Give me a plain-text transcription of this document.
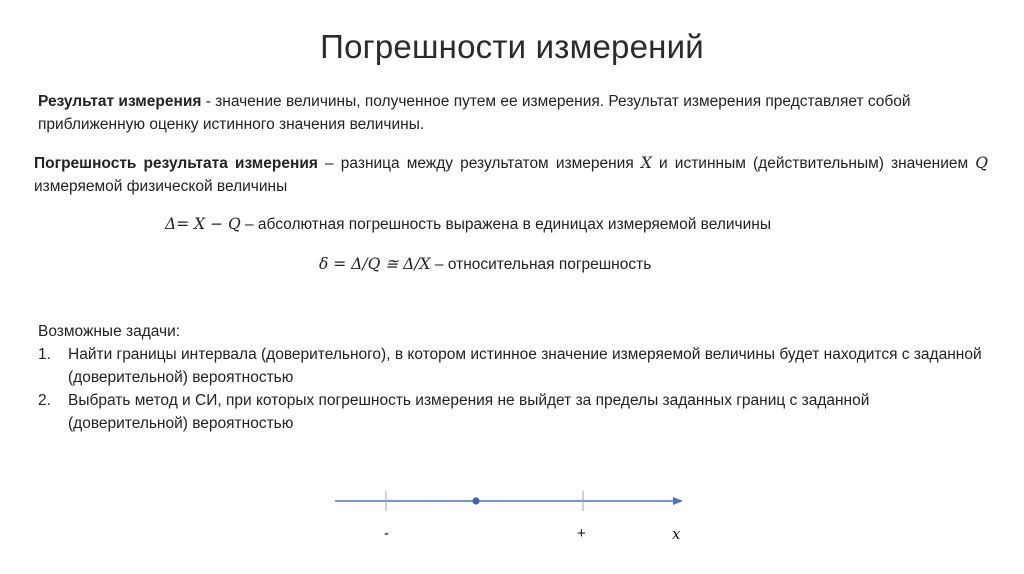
Погрешности измерений
Результат измерения - значение величины, полученное путем ее измерения. Результат измерения представляет собой приближенную оценку истинного значения величины.
Погрешность результата измерения – разница между результатом измерения X и истинным (действительным) значением Q измеряемой физической величины
Δ= X − Q – абсолютная погрешность выражена в единицах измеряемой величины
δ = Δ/Q ≅ Δ/X – относительная погрешность
Возможные задачи:
1. Найти границы интервала (доверительного), в котором истинное значение измеряемой величины будет находится с заданной (доверительной) вероятностью
2. Выбрать метод и СИ, при которых погрешность измерения не выйдет за пределы заданных границ с заданной (доверительной) вероятностью
-	+	x
